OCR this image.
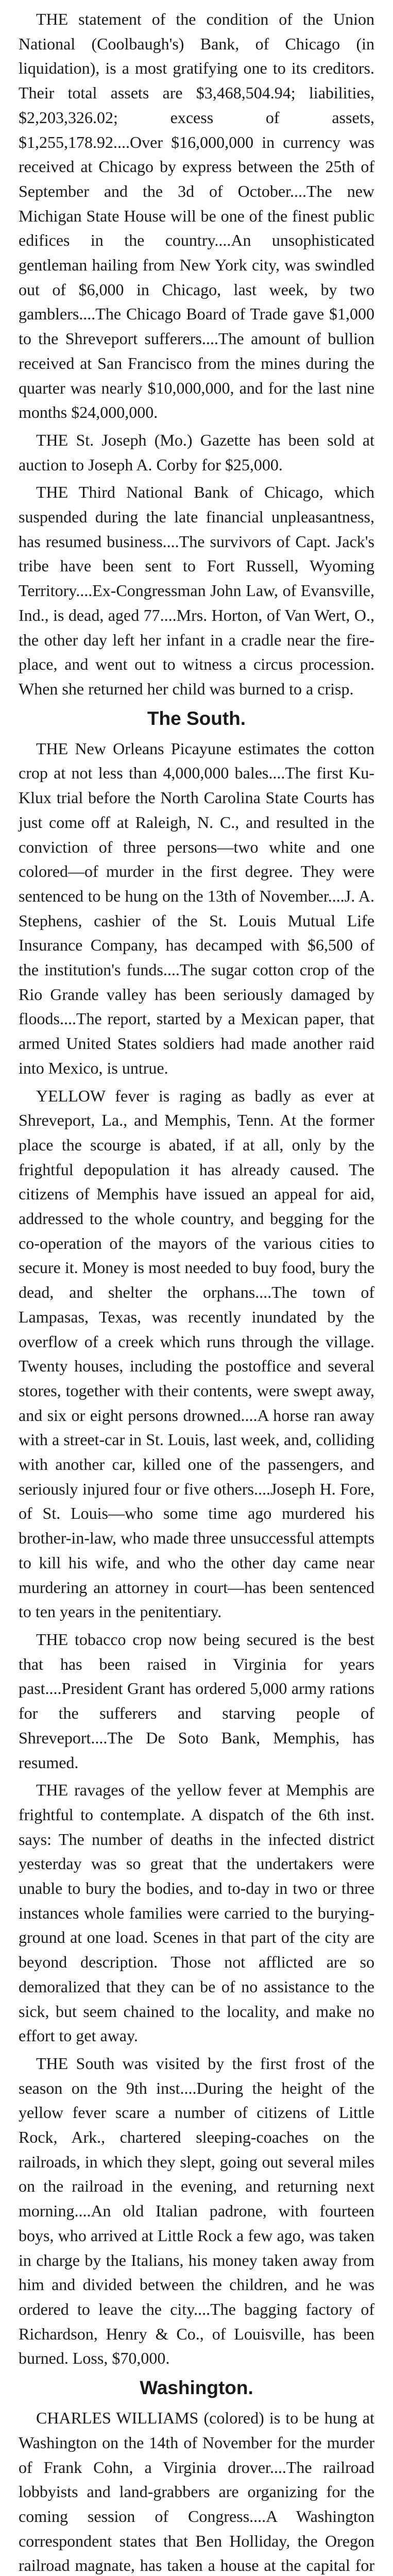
THE statement of the condition of the Union National (Coolbaugh's) Bank, of Chicago (in liquidation), is a most gratifying one to its creditors. Their total assets are $3,468,504.94; liabilities, $2,203,326.02; excess of assets, $1,255,178.92....Over $16,000,000 in currency was received at Chicago by express between the 25th of September and the 3d of October....The new Michigan State House will be one of the finest public edifices in the country....An unsophisticated gentleman hailing from New York city, was swindled out of $6,000 in Chicago, last week, by two gamblers....The Chicago Board of Trade gave $1,000 to the Shreveport sufferers....The amount of bullion received at San Francisco from the mines during the quarter was nearly $10,000,000, and for the last nine months $24,000,000.

THE St. Joseph (Mo.) Gazette has been sold at auction to Joseph A. Corby for $25,000.

THE Third National Bank of Chicago, which suspended during the late financial unpleasantness, has resumed business....The survivors of Capt. Jack's tribe have been sent to Fort Russell, Wyoming Territory....Ex-Congressman John Law, of Evansville, Ind., is dead, aged 77....Mrs. Horton, of Van Wert, O., the other day left her infant in a cradle near the fire-place, and went out to witness a circus procession. When she returned her child was burned to a crisp.

The South.

THE New Orleans Picayune estimates the cotton crop at not less than 4,000,000 bales....The first Ku-Klux trial before the North Carolina State Courts has just come off at Raleigh, N. C., and resulted in the conviction of three persons—two white and one colored—of murder in the first degree. They were sentenced to be hung on the 13th of November....J. A. Stephens, cashier of the St. Louis Mutual Life Insurance Company, has decamped with $6,500 of the institution's funds....The sugar cotton crop of the Rio Grande valley has been seriously damaged by floods....The report, started by a Mexican paper, that armed United States soldiers had made another raid into Mexico, is untrue.

YELLOW fever is raging as badly as ever at Shreveport, La., and Memphis, Tenn. At the former place the scourge is abated, if at all, only by the frightful depopulation it has already caused. The citizens of Memphis have issued an appeal for aid, addressed to the whole country, and begging for the co-operation of the mayors of the various cities to secure it. Money is most needed to buy food, bury the dead, and shelter the orphans....The town of Lampasas, Texas, was recently inundated by the overflow of a creek which runs through the village. Twenty houses, including the postoffice and several stores, together with their contents, were swept away, and six or eight persons drowned....A horse ran away with a street-car in St. Louis, last week, and, colliding with another car, killed one of the passengers, and seriously injured four or five others....Joseph H. Fore, of St. Louis—who some time ago murdered his brother-in-law, who made three unsuccessful attempts to kill his wife, and who the other day came near murdering an attorney in court—has been sentenced to ten years in the penitentiary.

THE tobacco crop now being secured is the best that has been raised in Virginia for years past....President Grant has ordered 5,000 army rations for the sufferers and starving people of Shreveport....The De Soto Bank, Memphis, has resumed.

THE ravages of the yellow fever at Memphis are frightful to contemplate. A dispatch of the 6th inst. says: The number of deaths in the infected district yesterday was so great that the undertakers were unable to bury the bodies, and to-day in two or three instances whole families were carried to the burying-ground at one load. Scenes in that part of the city are beyond description. Those not afflicted are so demoralized that they can be of no assistance to the sick, but seem chained to the locality, and make no effort to get away.

THE South was visited by the first frost of the season on the 9th inst....During the height of the yellow fever scare a number of citizens of Little Rock, Ark., chartered sleeping-coaches on the railroads, in which they slept, going out several miles on the railroad in the evening, and returning next morning....An old Italian padrone, with fourteen boys, who arrived at Little Rock a few ago, was taken in charge by the Italians, his money taken away from him and divided between the children, and he was ordered to leave the city....The bagging factory of Richardson, Henry & Co., of Louisville, has been burned. Loss, $70,000.

Washington.

CHARLES WILLIAMS (colored) is to be hung at Washington on the 14th of November for the murder of Frank Cohn, a Virginia drover....The railroad lobbyists and land-grabbers are organizing for the coming session of Congress....A Washington correspondent states that Ben Holliday, the Oregon railroad magnate, has taken a house at the capital for
